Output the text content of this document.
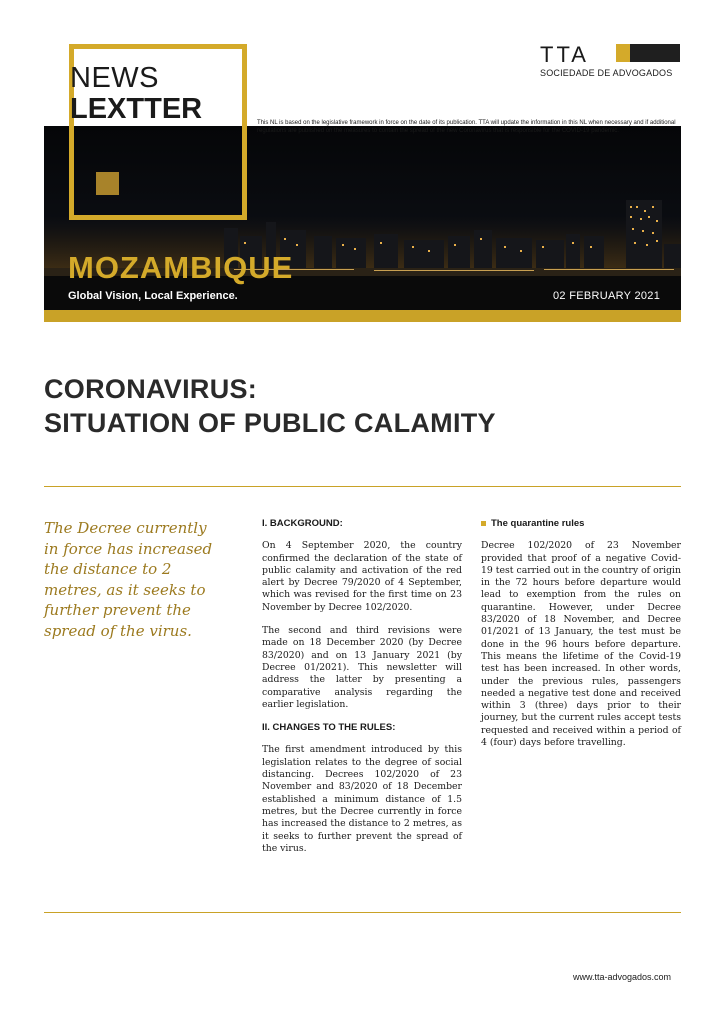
NEWS
LEXTTER
TTA
SOCIEDADE DE ADVOGADOS
This NL is based on the legislative framework in force on the date of its publication. TTA will update the information in this NL when necessary and if additional regulations are published on the measures to contain the spread of the new Coronavirus that is responsible for the COVID-19 pandemic.
MOZAMBIQUE
Global Vision, Local Experience.	02 FEBRUARY 2021
CORONAVIRUS:
SITUATION OF PUBLIC CALAMITY
The Decree currently in force has increased the distance to 2 metres, as it seeks to further prevent the spread of the virus.
I. BACKGROUND:
On 4 September 2020, the country confirmed the declaration of the state of public calamity and activation of the red alert by Decree 79/2020 of 4 September, which was revised for the first time on 23 November by Decree 102/2020.
The second and third revisions were made on 18 December 2020 (by Decree 83/2020) and on 13 January 2021 (by Decree 01/2021). This newsletter will address the latter by presenting a comparative analysis regarding the earlier legislation.
II. CHANGES TO THE RULES:
The first amendment introduced by this legislation relates to the degree of social distancing. Decrees 102/2020 of 23 November and 83/2020 of 18 December established a minimum distance of 1.5 metres, but the Decree currently in force has increased the distance to 2 metres, as it seeks to further prevent the spread of the virus.
The quarantine rules
Decree 102/2020 of 23 November provided that proof of a negative Covid-19 test carried out in the country of origin in the 72 hours before departure would lead to exemption from the rules on quarantine. However, under Decree 83/2020 of 18 November, and Decree 01/2021 of 13 January, the test must be done in the 96 hours before departure. This means the lifetime of the Covid-19 test has been increased. In other words, under the previous rules, passengers needed a negative test done and received within 3 (three) days prior to their journey, but the current rules accept tests requested and received within a period of 4 (four) days before travelling.
www.tta-advogados.com
